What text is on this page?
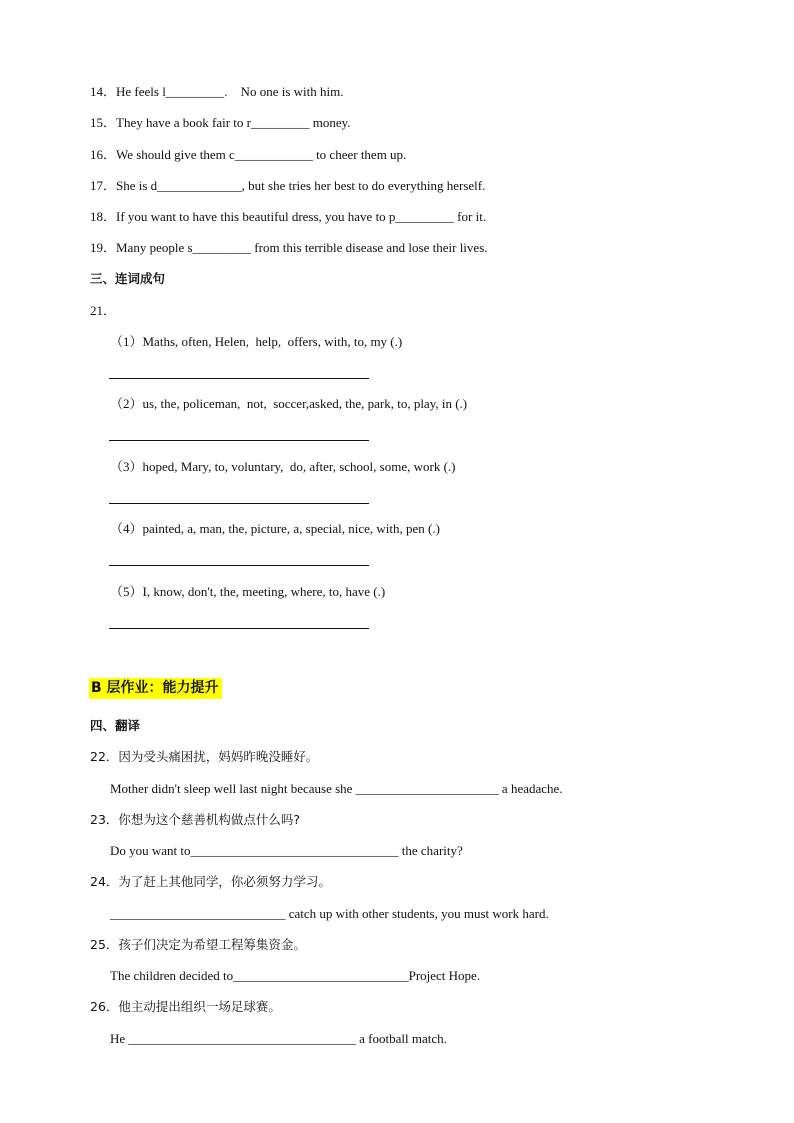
14．He feels l_________.    No one is with him.
15．They have a book fair to r_________ money.
16．We should give them c____________ to cheer them up.
17．She is d_____________, but she tries her best to do everything herself.
18．If you want to have this beautiful dress, you have to p_________ for it.
19．Many people s_________ from this terrible disease and lose their lives.
三、连词成句
21．
（1）Maths, often, Helen,  help,  offers, with, to, my (.)
（2）us, the, policeman,  not,  soccer,asked, the, park, to, play, in (.)
（3）hoped, Mary, to, voluntary,  do, after, school, some, work (.)
（4）painted, a, man, the, picture, a, special, nice, with, pen (.)
（5）I, know, don't, the, meeting, where, to, have (.)
B 层作业：能力提升
四、翻译
22．因为受头痛困扰，妈妈昨晚没睡好。
Mother didn't sleep well last night because she ______________________ a headache.
23．你想为这个慈善机构做点什么吗?
Do you want to________________________________ the charity?
24．为了赶上其他同学，你必须努力学习。
___________________________ catch up with other students, you must work hard.
25．孩子们决定为希望工程筹集资金。
The children decided to___________________________Project Hope.
26．他主动提出组织一场足球赛。
He ___________________________________ a football match.
